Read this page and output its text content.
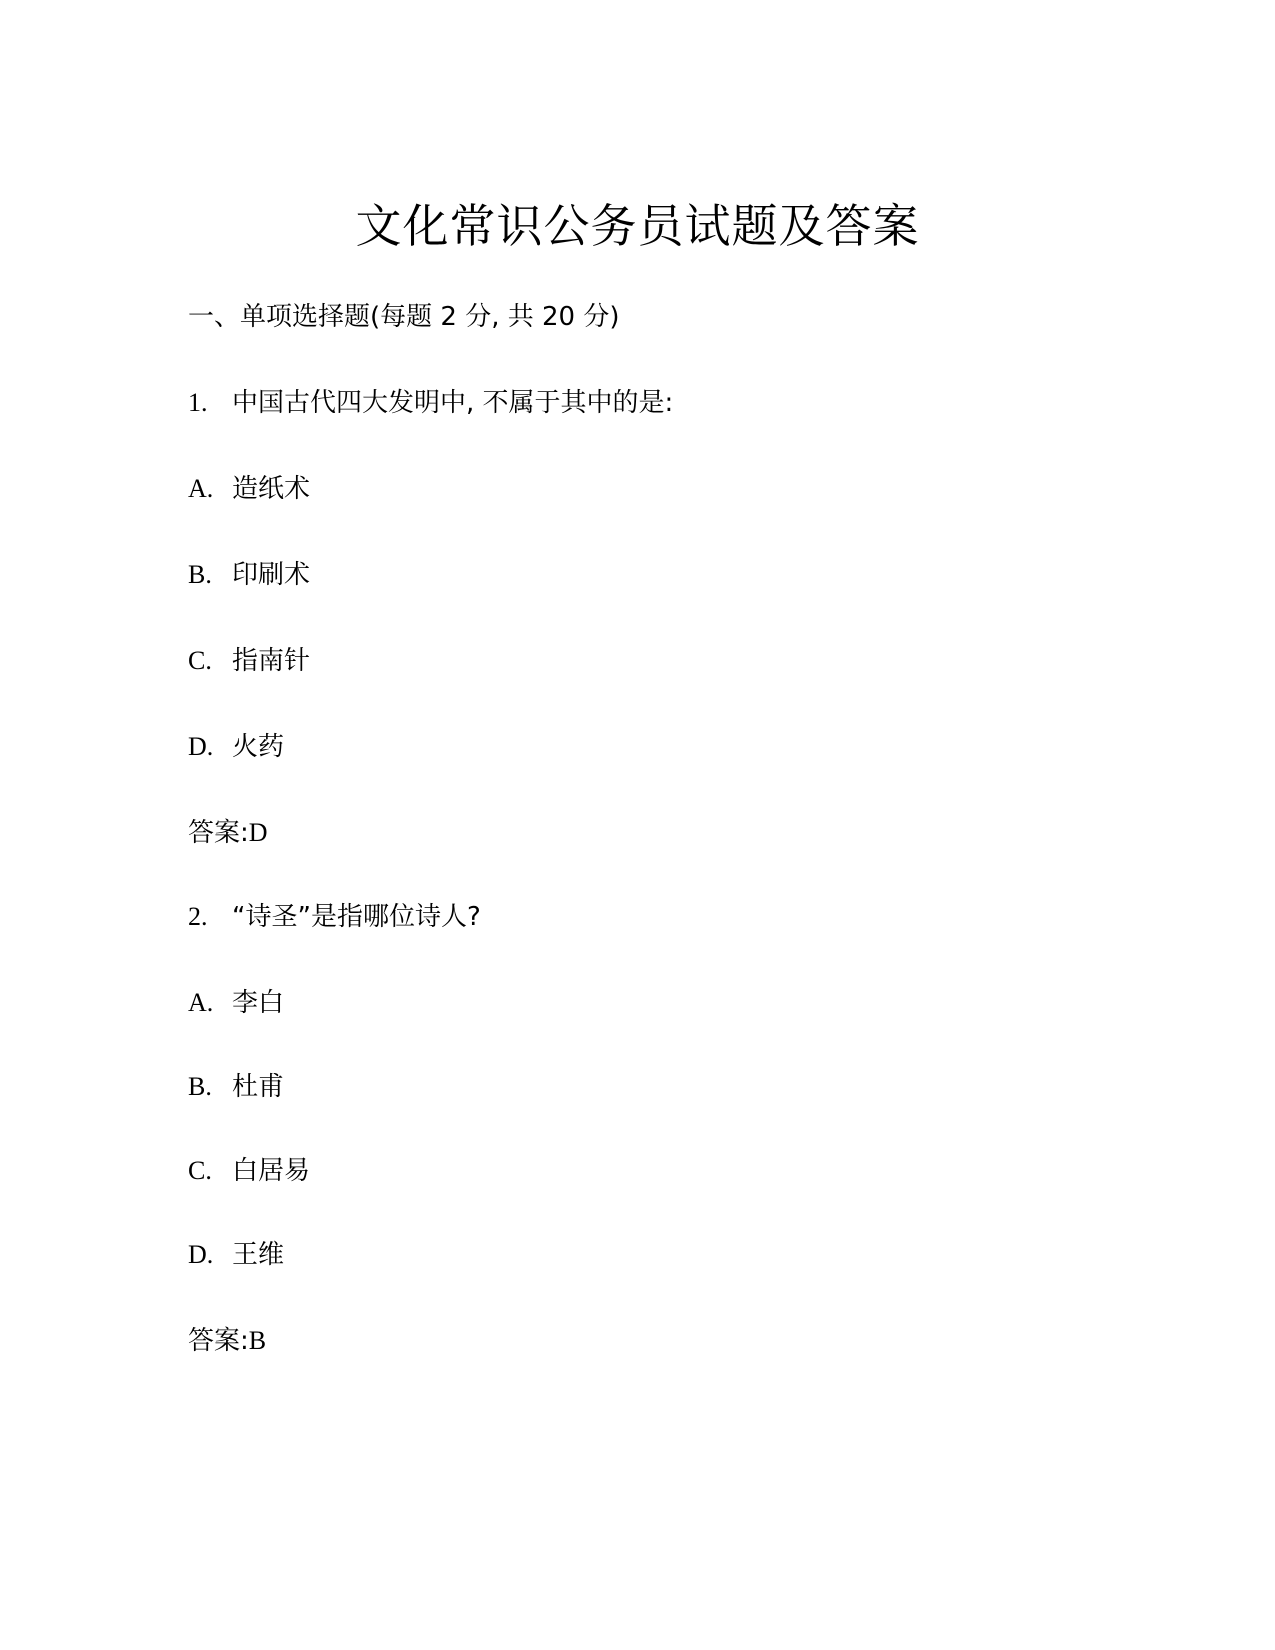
文化常识公务员试题及答案
一、单项选择题(每题 2 分, 共 20 分)
1. 中国古代四大发明中, 不属于其中的是:
A. 造纸术
B. 印刷术
C. 指南针
D. 火药
答案:D
2. “诗圣”是指哪位诗人?
A. 李白
B. 杜甫
C. 白居易
D. 王维
答案:B
